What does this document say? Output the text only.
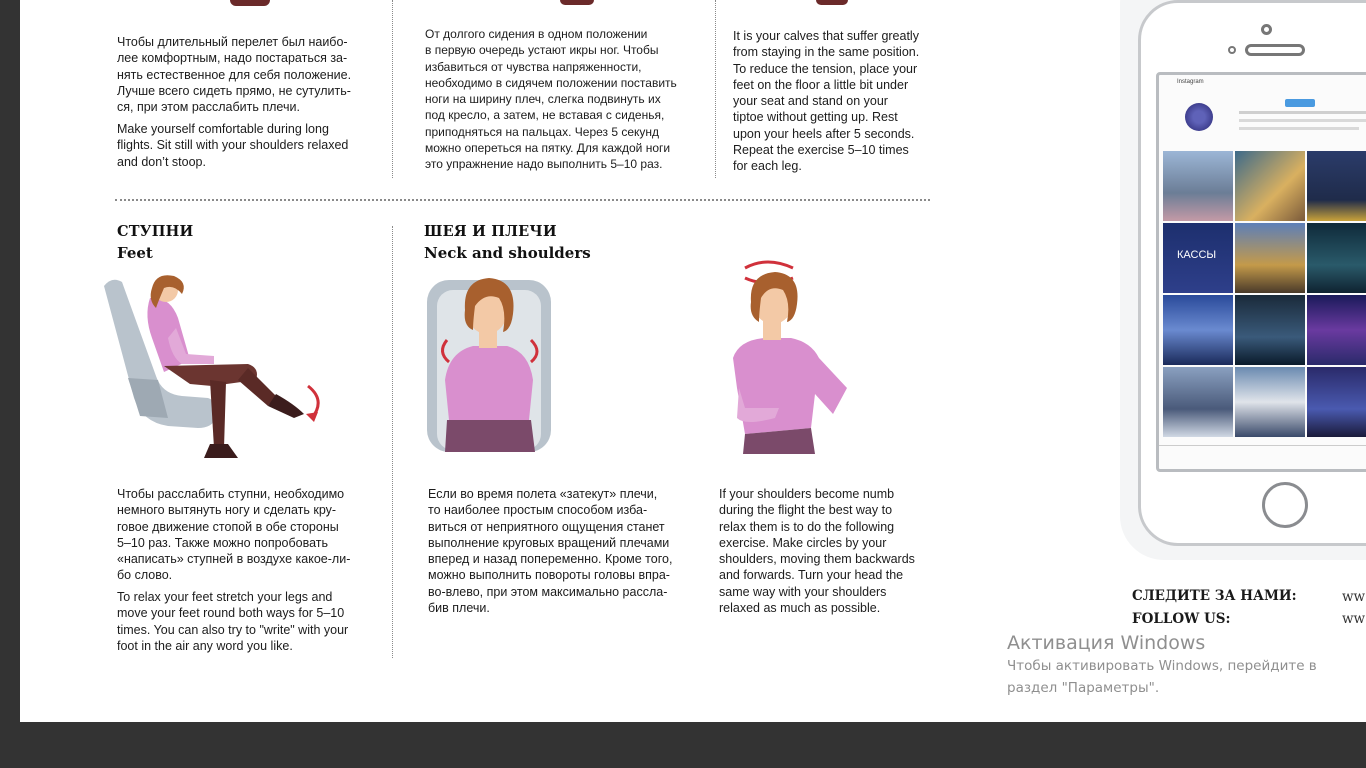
Чтобы длительный перелет был наибо-
лее комфортным, надо постараться за-
нять естественное для себя положение.
Лучше всего сидеть прямо, не сутулить-
ся, при этом расслабить плечи.
Make yourself comfortable during long
flights. Sit still with your shoulders relaxed
and don’t stoop.
От долгого сидения в одном положении
в первую очередь устают икры ног. Чтобы
избавиться от чувства напряженности,
необходимо в сидячем положении поставить
ноги на ширину плеч, слегка подвинуть их
под кресло, а затем, не вставая с сиденья,
приподняться на пальцах. Через 5 секунд
можно опереться на пятку. Для каждой ноги
это упражнение надо выполнить 5–10 раз.
It is your calves that suffer greatly
from staying in the same position.
To reduce the tension, place your
feet on the floor a little bit under
your seat and stand on your
tiptoe without getting up. Rest
upon your heels after 5 seconds.
Repeat the exercise 5–10 times
for each leg.
СТУПНИ
Feet
ШЕЯ И ПЛЕЧИ
Neck and shoulders
Чтобы расслабить ступни, необходимо
немного вытянуть ногу и сделать кру-
говое движение стопой в обе стороны
5–10 раз. Также можно попробовать
«написать» ступней в воздухе какое-ли-
бо слово.
To relax your feet stretch your legs and
move your feet round both ways for 5–10
times. You can also try to "write" with your
foot in the air any word you like.
Если во время полета «затекут» плечи,
то наиболее простым способом изба-
виться от неприятного ощущения станет
выполнение круговых вращений плечами
вперед и назад попеременно. Кроме того,
можно выполнить повороты головы впра-
во-влево, при этом максимально рассла-
бив плечи.
If your shoulders become numb
during the flight the best way to
relax them is to do the following
exercise. Make circles by your
shoulders, moving them backwards
and forwards. Turn your head the
same way with your shoulders
relaxed as much as possible.
Instagram
КАССЫ
СЛЕДИТЕ ЗА НАМИ:
FOLLOW US:
ww
ww
Активация Windows
Чтобы активировать Windows, перейдите в
раздел "Параметры".
